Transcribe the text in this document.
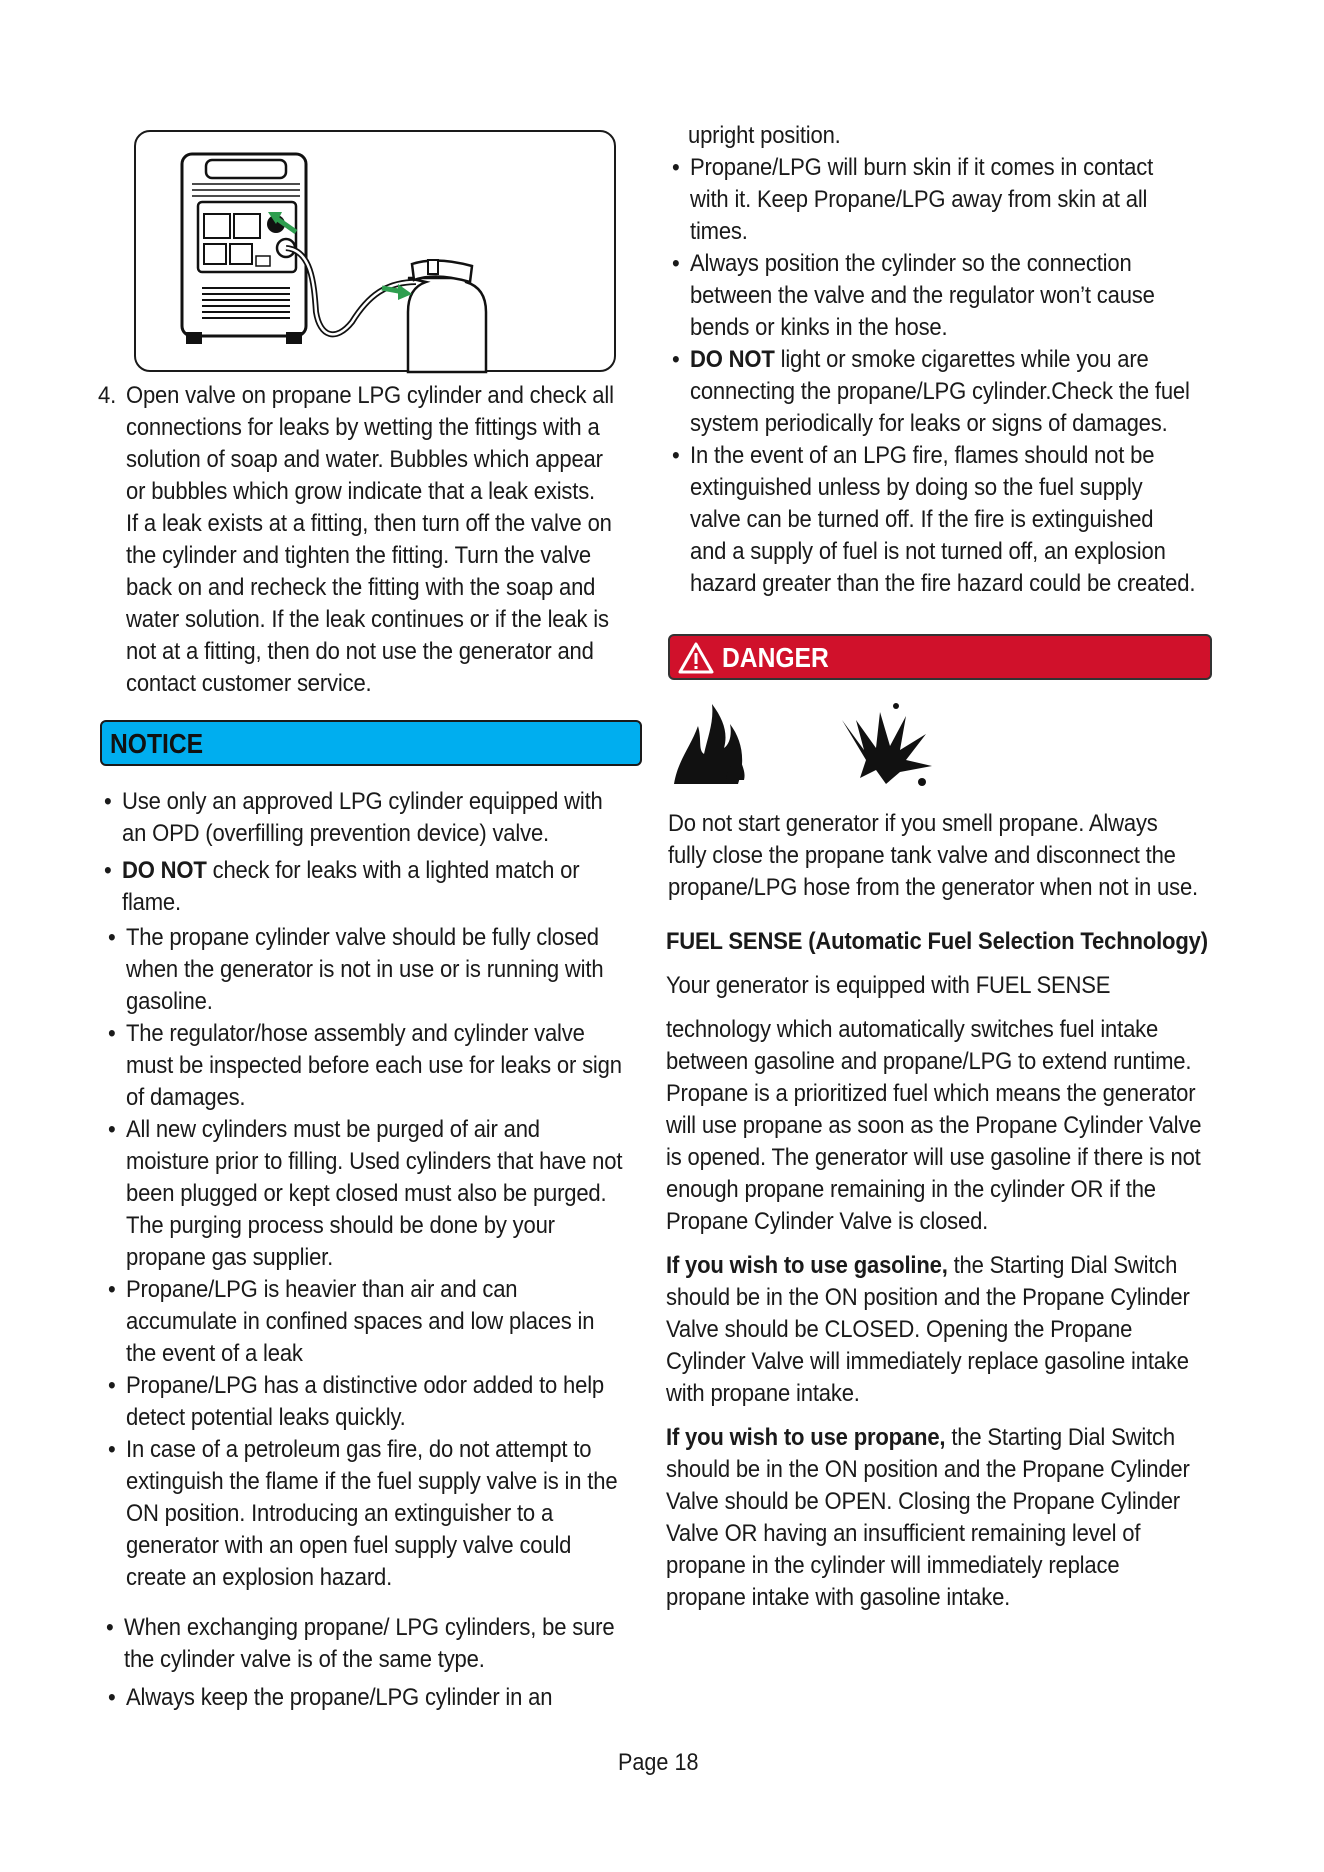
4. Open valve on propane LPG cylinder and check all
connections for leaks by wetting the fittings with a
solution of soap and water. Bubbles which appear
or bubbles which grow indicate that a leak exists.
If a leak exists at a fitting, then turn off the valve on
the cylinder and tighten the fitting. Turn the valve
back on and recheck the fitting with the soap and
water solution. If the leak continues or if the leak is
not at a fitting, then do not use the generator and
contact customer service.
NOTICE
• Use only an approved LPG cylinder equipped with
an OPD (overfilling prevention device) valve.
• DO NOT check for leaks with a lighted match or
flame.
• The propane cylinder valve should be fully closed
when the generator is not in use or is running with
gasoline.
• The regulator/hose assembly and cylinder valve
must be inspected before each use for leaks or sign
of damages.
• All new cylinders must be purged of air and
moisture prior to filling. Used cylinders that have not
been plugged or kept closed must also be purged.
The purging process should be done by your
propane gas supplier.
• Propane/LPG is heavier than air and can
accumulate in confined spaces and low places in
the event of a leak
• Propane/LPG has a distinctive odor added to help
detect potential leaks quickly.
• In case of a petroleum gas fire, do not attempt to
extinguish the flame if the fuel supply valve is in the
ON position. Introducing an extinguisher to a
generator with an open fuel supply valve could
create an explosion hazard.
• When exchanging propane/ LPG cylinders, be sure
the cylinder valve is of the same type.
• Always keep the propane/LPG cylinder in an
upright position.
• Propane/LPG will burn skin if it comes in contact
with it. Keep Propane/LPG away from skin at all
times.
• Always position the cylinder so the connection
between the valve and the regulator won’t cause
bends or kinks in the hose.
• DO NOT light or smoke cigarettes while you are
connecting the propane/LPG cylinder.Check the fuel
system periodically for leaks or signs of damages.
• In the event of an LPG fire, flames should not be
extinguished unless by doing so the fuel supply
valve can be turned off. If the fire is extinguished
and a supply of fuel is not turned off, an explosion
hazard greater than the fire hazard could be created.
DANGER
Do not start generator if you smell propane. Always
fully close the propane tank valve and disconnect the
propane/LPG hose from the generator when not in use.
FUEL SENSE (Automatic Fuel Selection Technology)
Your generator is equipped with FUEL SENSE
technology which automatically switches fuel intake
between gasoline and propane/LPG to extend runtime.
Propane is a prioritized fuel which means the generator
will use propane as soon as the Propane Cylinder Valve
is opened. The generator will use gasoline if there is not
enough propane remaining in the cylinder OR if the
Propane Cylinder Valve is closed.
If you wish to use gasoline, the Starting Dial Switch
should be in the ON position and the Propane Cylinder
Valve should be CLOSED. Opening the Propane
Cylinder Valve will immediately replace gasoline intake
with propane intake.
If you wish to use propane, the Starting Dial Switch
should be in the ON position and the Propane Cylinder
Valve should be OPEN. Closing the Propane Cylinder
Valve OR having an insufficient remaining level of
propane in the cylinder will immediately replace
propane intake with gasoline intake.
Page 18
